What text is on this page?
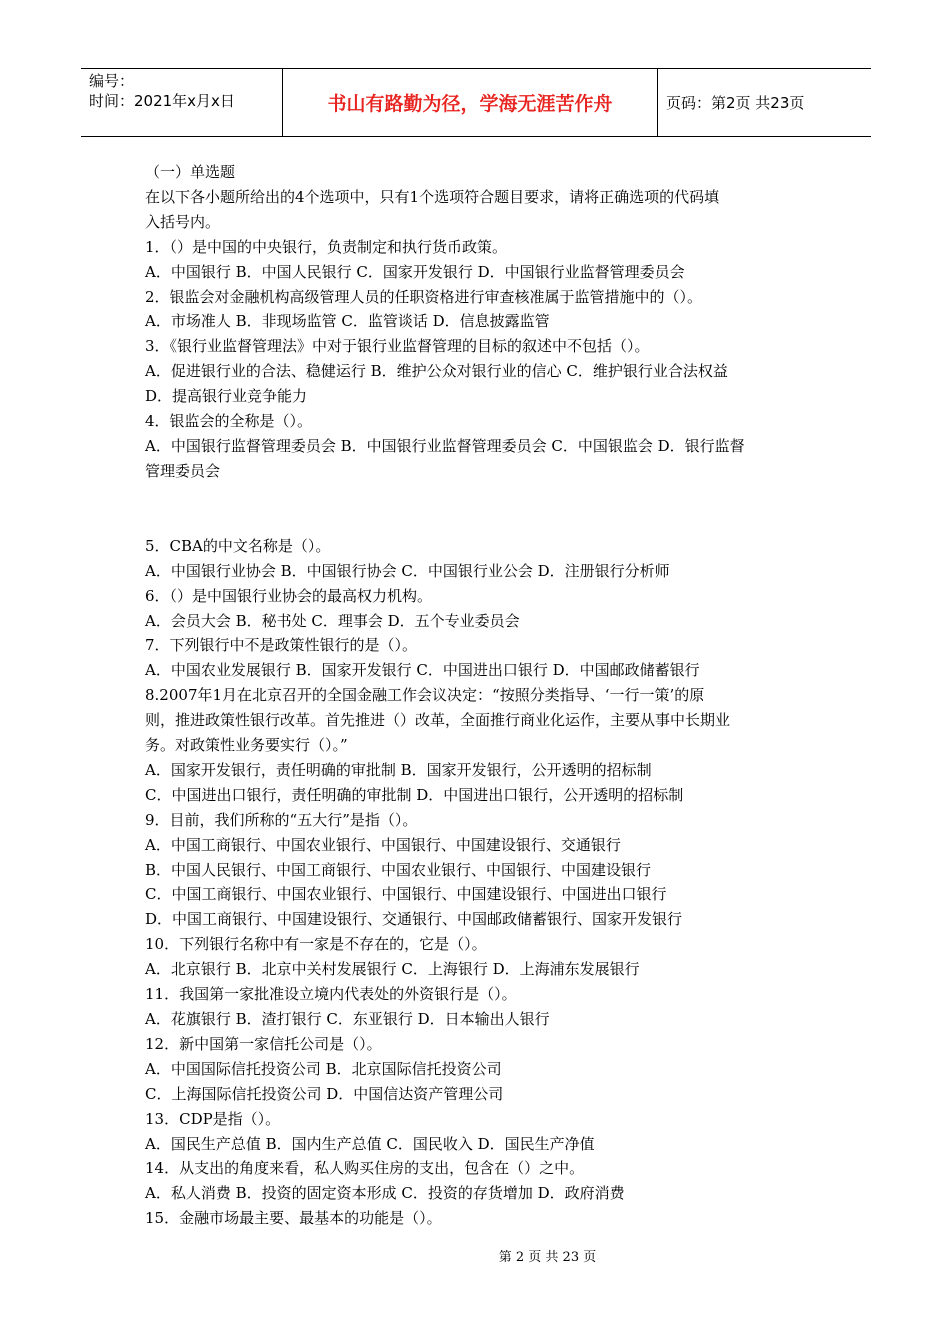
编号：
时间：2021年x月x日	书山有路勤为径，学海无涯苦作舟	页码：第2页 共23页

（一）单选题

在以下各小题所给出的4个选项中，只有1个选项符合题目要求，请将正确选项的代码填

入括号内。

1．（）是中国的中央银行，负责制定和执行货币政策。

A．中国银行 B．中国人民银行 C．国家开发银行 D．中国银行业监督管理委员会

2．银监会对金融机构高级管理人员的任职资格进行审查核准属于监管措施中的（）。

A．市场准人 B．非现场监管 C．监管谈话 D．信息披露监管

3．《银行业监督管理法》中对于银行业监督管理的目标的叙述中不包括（）。

A．促进银行业的合法、稳健运行 B．维护公众对银行业的信心 C．维护银行业合法权益

D．提高银行业竞争能力

4．银监会的全称是（）。

A．中国银行监督管理委员会 B．中国银行业监督管理委员会 C．中国银监会 D．银行监督

管理委员会

5．CBA的中文名称是（）。

A．中国银行业协会 B．中国银行协会 C．中国银行业公会 D．注册银行分析师

6．（）是中国银行业协会的最高权力机构。

A．会员大会 B．秘书处 C．理事会 D．五个专业委员会

7．下列银行中不是政策性银行的是（）。

A．中国农业发展银行 B．国家开发银行 C．中国进出口银行 D．中国邮政储蓄银行

8.2007年1月在北京召开的全国金融工作会议决定：“按照分类指导、‘一行一策’的原

则，推进政策性银行改革。首先推进（）改革，全面推行商业化运作，主要从事中长期业

务。对政策性业务要实行（）。”

A．国家开发银行，责任明确的审批制 B．国家开发银行，公开透明的招标制

C．中国进出口银行，责任明确的审批制 D．中国进出口银行，公开透明的招标制

9．目前，我们所称的“五大行”是指（）。

A．中国工商银行、中国农业银行、中国银行、中国建设银行、交通银行

B．中国人民银行、中国工商银行、中国农业银行、中国银行、中国建设银行

C．中国工商银行、中国农业银行、中国银行、中国建设银行、中国进出口银行

D．中国工商银行、中国建设银行、交通银行、中国邮政储蓄银行、国家开发银行

10．下列银行名称中有一家是不存在的，它是（）。

A．北京银行 B．北京中关村发展银行 C．上海银行 D．上海浦东发展银行

11．我国第一家批准设立境内代表处的外资银行是（）。

A．花旗银行 B．渣打银行 C．东亚银行 D．日本输出人银行

12．新中国第一家信托公司是（）。

A．中国国际信托投资公司 B．北京国际信托投资公司

C．上海国际信托投资公司 D．中国信达资产管理公司

13．CDP是指（）。

A．国民生产总值 B．国内生产总值 C．国民收入 D．国民生产净值

14．从支出的角度来看，私人购买住房的支出，包含在（）之中。

A．私人消费 B．投资的固定资本形成 C．投资的存货增加 D．政府消费

15．金融市场最主要、最基本的功能是（）。

第 2 页 共 23 页
